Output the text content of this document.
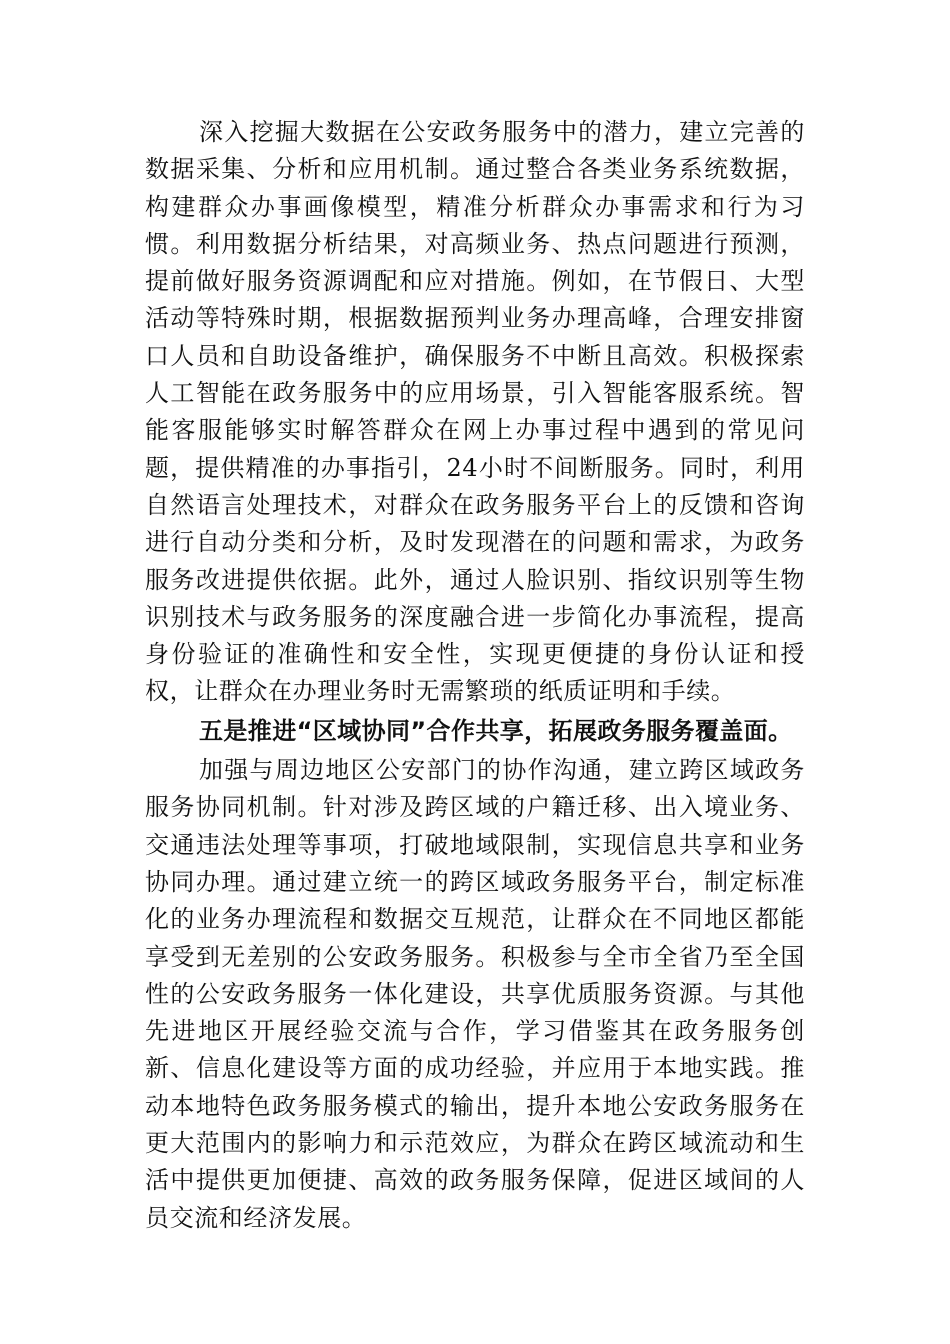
深入挖掘大数据在公安政务服务中的潜力，建立完善的数据采集、分析和应用机制。通过整合各类业务系统数据，构建群众办事画像模型，精准分析群众办事需求和行为习惯。利用数据分析结果，对高频业务、热点问题进行预测，提前做好服务资源调配和应对措施。例如，在节假日、大型活动等特殊时期，根据数据预判业务办理高峰，合理安排窗口人员和自助设备维护，确保服务不中断且高效。积极探索人工智能在政务服务中的应用场景，引入智能客服系统。智能客服能够实时解答群众在网上办事过程中遇到的常见问题，提供精准的办事指引，24小时不间断服务。同时，利用自然语言处理技术，对群众在政务服务平台上的反馈和咨询进行自动分类和分析，及时发现潜在的问题和需求，为政务服务改进提供依据。此外，通过人脸识别、指纹识别等生物识别技术与政务服务的深度融合进一步简化办事流程，提高身份验证的准确性和安全性，实现更便捷的身份认证和授权，让群众在办理业务时无需繁琐的纸质证明和手续。

五是推进“区域协同”合作共享，拓展政务服务覆盖面。

加强与周边地区公安部门的协作沟通，建立跨区域政务服务协同机制。针对涉及跨区域的户籍迁移、出入境业务、交通违法处理等事项，打破地域限制，实现信息共享和业务协同办理。通过建立统一的跨区域政务服务平台，制定标准化的业务办理流程和数据交互规范，让群众在不同地区都能享受到无差别的公安政务服务。积极参与全市全省乃至全国性的公安政务服务一体化建设，共享优质服务资源。与其他先进地区开展经验交流与合作，学习借鉴其在政务服务创新、信息化建设等方面的成功经验，并应用于本地实践。推动本地特色政务服务模式的输出，提升本地公安政务服务在更大范围内的影响力和示范效应，为群众在跨区域流动和生活中提供更加便捷、高效的政务服务保障，促进区域间的人员交流和经济发展。
